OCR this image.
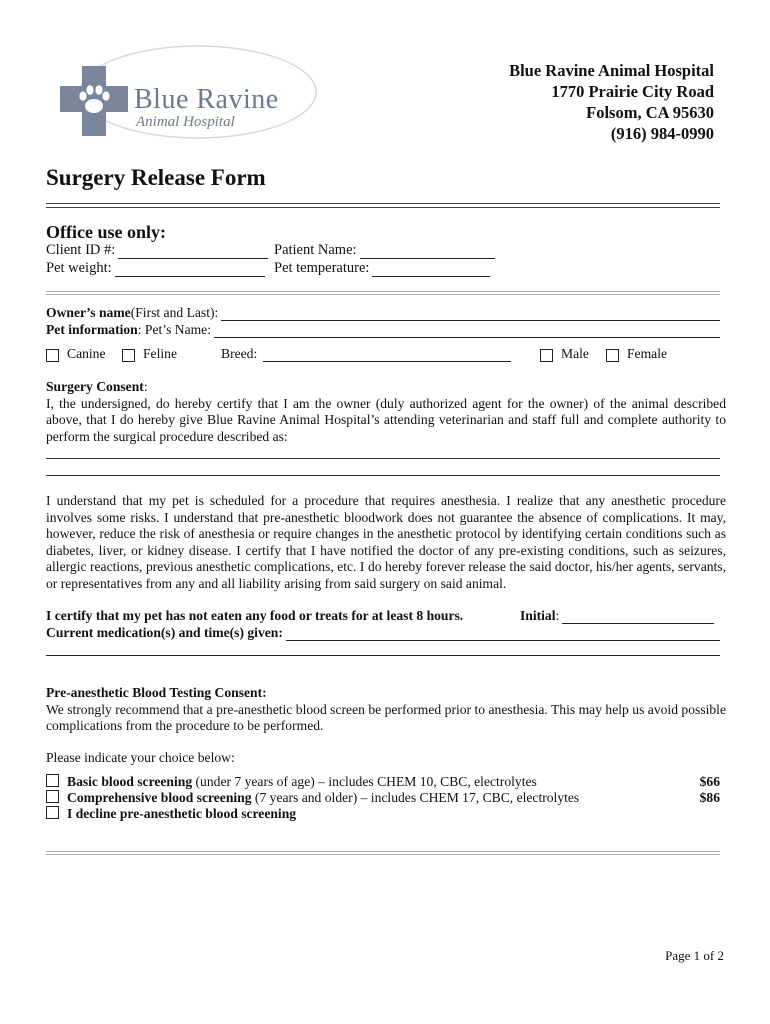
Blue Ravine
Animal Hospital
Blue Ravine Animal Hospital
1770 Prairie City Road
Folsom, CA 95630
(916) 984-0990
Surgery Release Form
Office use only:
Client ID #:	Patient Name:
Pet weight:	Pet temperature:
Owner’s name (First and Last):
Pet information : Pet’s Name:
Canine	Feline	Breed:	Male	Female
Surgery Consent:
I, the undersigned, do hereby certify that I am the owner (duly authorized agent for the owner) of the animal described above, that I do hereby give Blue Ravine Animal Hospital’s attending veterinarian and staff full and complete authority to perform the surgical procedure described as:
I understand that my pet is scheduled for a procedure that requires anesthesia. I realize that any anesthetic procedure involves some risks. I understand that pre-anesthetic bloodwork does not guarantee the absence of complications. It may, however, reduce the risk of anesthesia or require changes in the anesthetic protocol by identifying certain conditions such as diabetes, liver, or kidney disease. I certify that I have notified the doctor of any pre-existing conditions, such as seizures, allergic reactions, previous anesthetic complications, etc. I do hereby forever release the said doctor, his/her agents, servants, or representatives from any and all liability arising from said surgery on said animal.
I certify that my pet has not eaten any food or treats for at least 8 hours.	Initial :
Current medication(s) and time(s) given:
Pre-anesthetic Blood Testing Consent:
We strongly recommend that a pre-anesthetic blood screen be performed prior to anesthesia. This may help us avoid possible complications from the procedure to be performed.
Please indicate your choice below:
Basic blood screening (under 7 years of age) – includes CHEM 10, CBC, electrolytes	$66
Comprehensive blood screening (7 years and older) – includes CHEM 17, CBC, electrolytes	$86
I decline pre-anesthetic blood screening
Page 1 of 2
